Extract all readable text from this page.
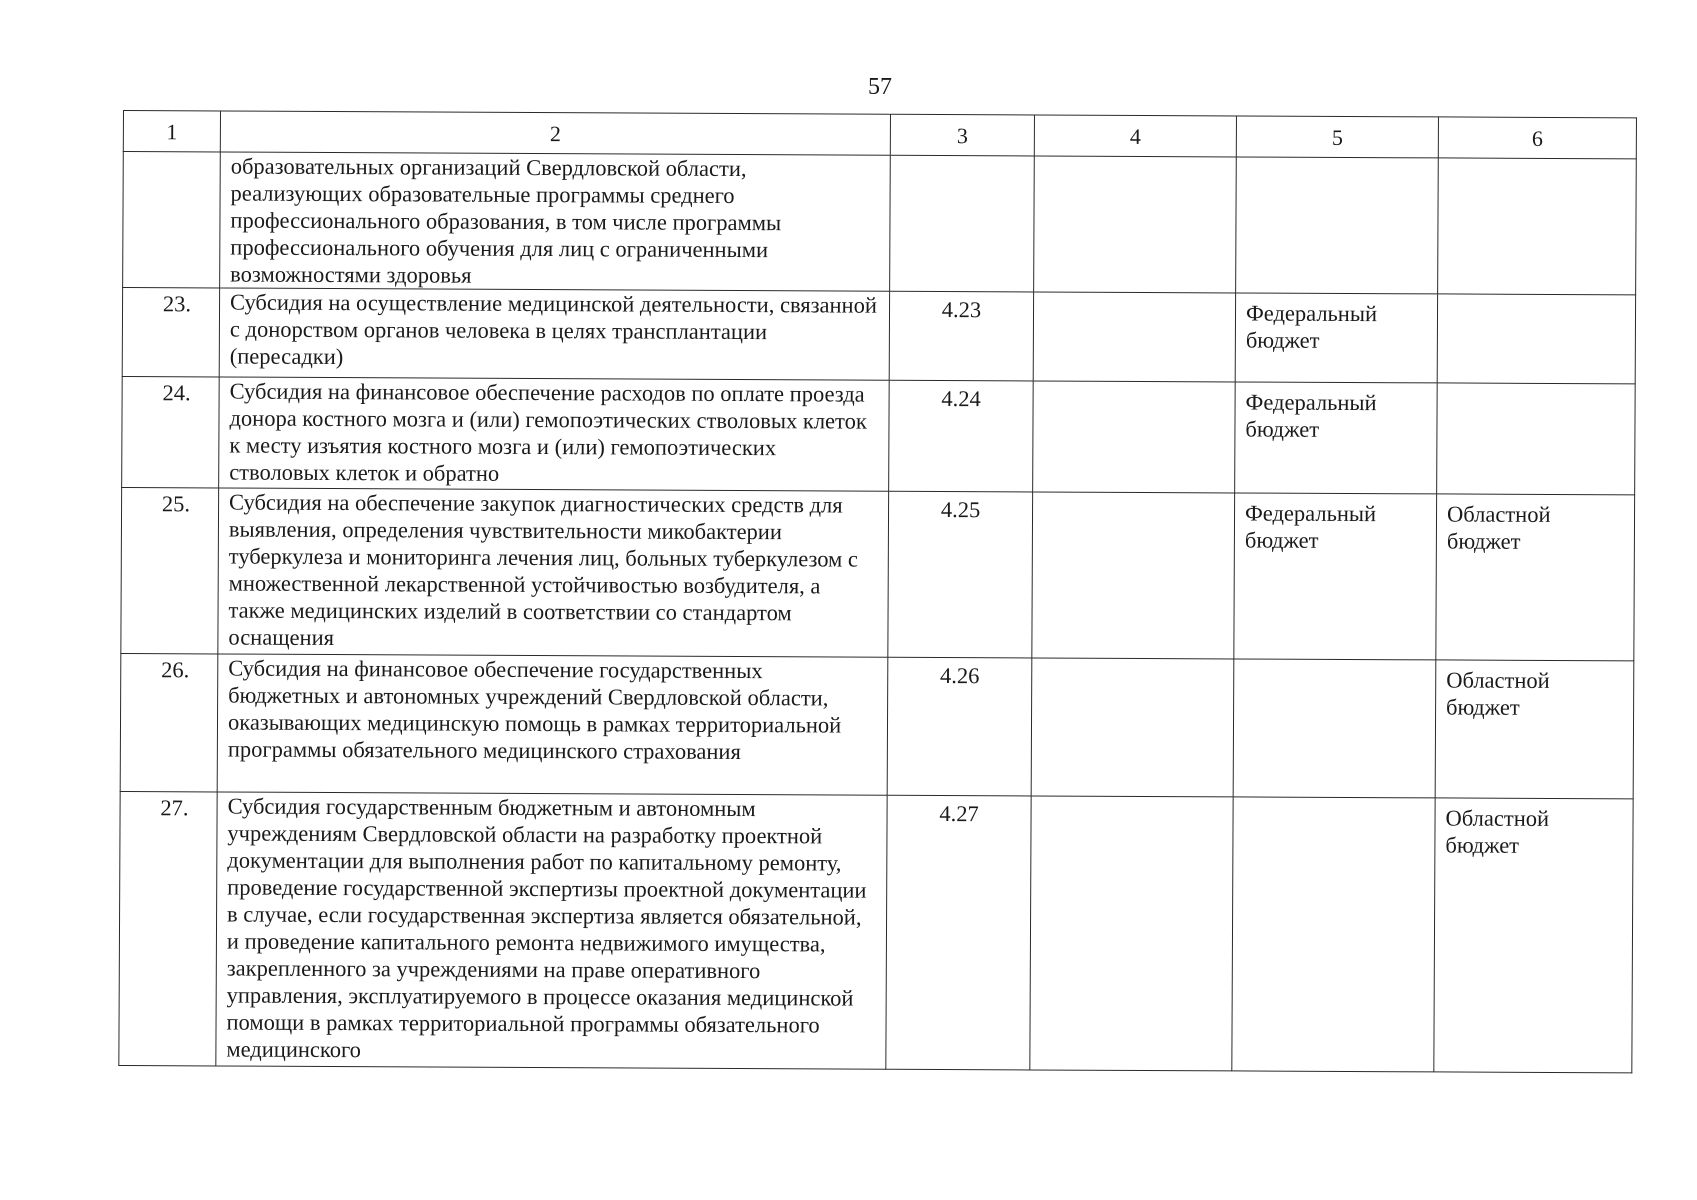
57
1	2	3	4	5	6
	образовательных организаций Свердловской области, реализующих образовательные программы среднего профессионального образования, в том числе программы профессионального обучения для лиц с ограниченными возможностями здоровья				
23.	Субсидия на осуществление медицинской деятельности, связанной с донорством органов человека в целях трансплантации (пересадки)	4.23		Федеральный бюджет	
24.	Субсидия на финансовое обеспечение расходов по оплате проезда донора костного мозга и (или) гемопоэтических стволовых клеток к месту изъятия костного мозга и (или) гемопоэтических стволовых клеток и обратно	4.24		Федеральный бюджет	
25.	Субсидия на обеспечение закупок диагностических средств для выявления, определения чувствительности микобактерии туберкулеза и мониторинга лечения лиц, больных туберкулезом с множественной лекарственной устойчивостью возбудителя, а также медицинских изделий в соответствии со стандартом оснащения	4.25		Федеральный бюджет	Областной бюджет
26.	Субсидия на финансовое обеспечение государственных бюджетных и автономных учреждений Свердловской области, оказывающих медицинскую помощь в рамках территориальной программы обязательного медицинского страхования	4.26			Областной бюджет
27.	Субсидия государственным бюджетным и автономным учреждениям Свердловской области на разработку проектной документации для выполнения работ по капитальному ремонту, проведение государственной экспертизы проектной документации в случае, если государственная экспертиза является обязательной, и проведение капитального ремонта недвижимого имущества, закрепленного за учреждениями на праве оперативного управления, эксплуатируемого в процессе оказания медицинской помощи в рамках территориальной программы обязательного медицинского	4.27			Областной бюджет
